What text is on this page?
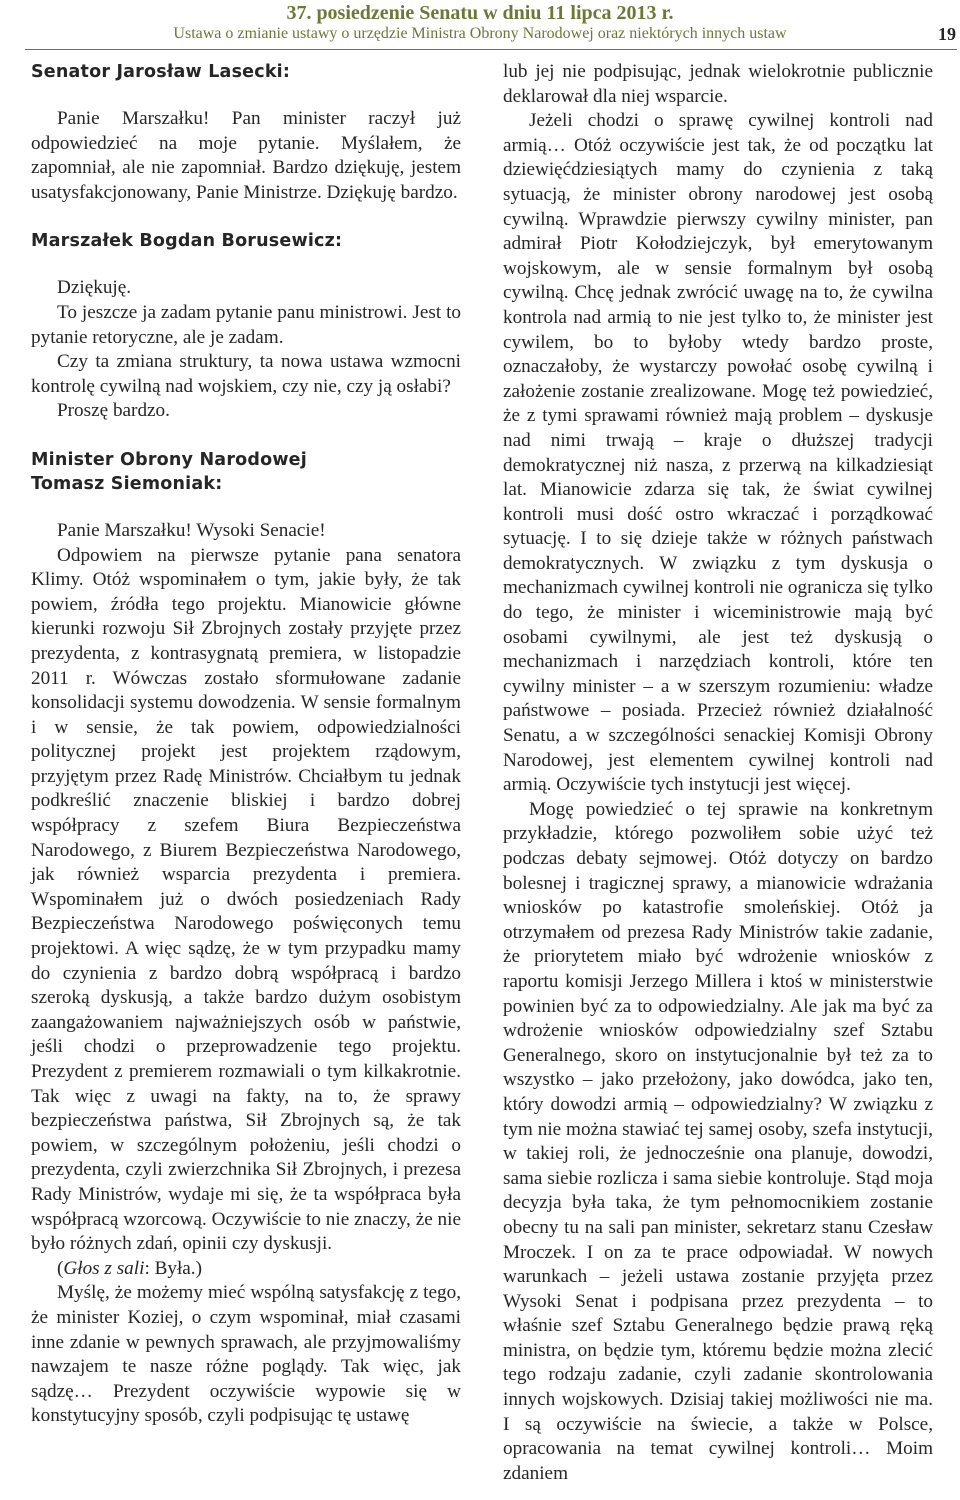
37. posiedzenie Senatu w dniu 11 lipca 2013 r.
Ustawa o zmianie ustawy o urzędzie Ministra Obrony Narodowej oraz niektórych innych ustaw	19
Senator Jarosław Lasecki:

Panie Marszałku! Pan minister raczył już odpowiedzieć na moje pytanie. Myślałem, że zapomniał, ale nie zapomniał. Bardzo dziękuję, jestem usatysfakcjonowany, Panie Ministrze. Dziękuję bardzo.

Marszałek Bogdan Borusewicz:

Dziękuję.

To jeszcze ja zadam pytanie panu ministrowi. Jest to pytanie retoryczne, ale je zadam.

Czy ta zmiana struktury, ta nowa ustawa wzmocni kontrolę cywilną nad wojskiem, czy nie, czy ją osłabi?

Proszę bardzo.

Minister Obrony Narodowej
Tomasz Siemoniak:

Panie Marszałku! Wysoki Senacie!

Odpowiem na pierwsze pytanie pana senatora Klimy. Otóż wspominałem o tym, jakie były, że tak powiem, źródła tego projektu. Mianowicie główne kierunki rozwoju Sił Zbrojnych zostały przyjęte przez prezydenta, z kontrasygnatą premiera, w listopadzie 2011 r. Wówczas zostało sformułowane zadanie konsolidacji systemu dowodzenia. W sensie formalnym i w sensie, że tak powiem, odpowiedzialności politycznej projekt jest projektem rządowym, przyjętym przez Radę Ministrów. Chciałbym tu jednak podkreślić znaczenie bliskiej i bardzo dobrej współpracy z szefem Biura Bezpieczeństwa Narodowego, z Biurem Bezpieczeństwa Narodowego, jak również wsparcia prezydenta i premiera. Wspominałem już o dwóch posiedzeniach Rady Bezpieczeństwa Narodowego poświęconych temu projektowi. A więc sądzę, że w tym przypadku mamy do czynienia z bardzo dobrą współpracą i bardzo szeroką dyskusją, a także bardzo dużym osobistym zaangażowaniem najważniejszych osób w państwie, jeśli chodzi o przeprowadzenie tego projektu. Prezydent z premierem rozmawiali o tym kilkakrotnie. Tak więc z uwagi na fakty, na to, że sprawy bezpieczeństwa państwa, Sił Zbrojnych są, że tak powiem, w szczególnym położeniu, jeśli chodzi o prezydenta, czyli zwierzchnika Sił Zbrojnych, i prezesa Rady Ministrów, wydaje mi się, że ta współpraca była współpracą wzorcową. Oczywiście to nie znaczy, że nie było różnych zdań, opinii czy dyskusji.

(Głos z sali: Była.)

Myślę, że możemy mieć wspólną satysfakcję z tego, że minister Koziej, o czym wspominał, miał czasami inne zdanie w pewnych sprawach, ale przyjmowaliśmy nawzajem te nasze różne poglądy. Tak więc, jak sądzę… Prezydent oczywiście wypowie się w konstytucyjny sposób, czyli podpisując tę ustawę

lub jej nie podpisując, jednak wielokrotnie publicznie deklarował dla niej wsparcie.

Jeżeli chodzi o sprawę cywilnej kontroli nad armią… Otóż oczywiście jest tak, że od początku lat dziewięćdziesiątych mamy do czynienia z taką sytuacją, że minister obrony narodowej jest osobą cywilną. Wprawdzie pierwszy cywilny minister, pan admirał Piotr Kołodziejczyk, był emerytowanym wojskowym, ale w sensie formalnym był osobą cywilną. Chcę jednak zwrócić uwagę na to, że cywilna kontrola nad armią to nie jest tylko to, że minister jest cywilem, bo to byłoby wtedy bardzo proste, oznaczałoby, że wystarczy powołać osobę cywilną i założenie zostanie zrealizowane. Mogę też powiedzieć, że z tymi sprawami również mają problem – dyskusje nad nimi trwają – kraje o dłuższej tradycji demokratycznej niż nasza, z przerwą na kilkadziesiąt lat. Mianowicie zdarza się tak, że świat cywilnej kontroli musi dość ostro wkraczać i porządkować sytuację. I to się dzieje także w różnych państwach demokratycznych. W związku z tym dyskusja o mechanizmach cywilnej kontroli nie ogranicza się tylko do tego, że minister i wiceministrowie mają być osobami cywilnymi, ale jest też dyskusją o mechanizmach i narzędziach kontroli, które ten cywilny minister – a w szerszym rozumieniu: władze państwowe – posiada. Przecież również działalność Senatu, a w szczególności senackiej Komisji Obrony Narodowej, jest elementem cywilnej kontroli nad armią. Oczywiście tych instytucji jest więcej.

Mogę powiedzieć o tej sprawie na konkretnym przykładzie, którego pozwoliłem sobie użyć też podczas debaty sejmowej. Otóż dotyczy on bardzo bolesnej i tragicznej sprawy, a mianowicie wdrażania wniosków po katastrofie smoleńskiej. Otóż ja otrzymałem od prezesa Rady Ministrów takie zadanie, że priorytetem miało być wdrożenie wniosków z raportu komisji Jerzego Millera i ktoś w ministerstwie powinien być za to odpowiedzialny. Ale jak ma być za wdrożenie wniosków odpowiedzialny szef Sztabu Generalnego, skoro on instytucjonalnie był też za to wszystko – jako przełożony, jako dowódca, jako ten, który dowodzi armią – odpowiedzialny? W związku z tym nie można stawiać tej samej osoby, szefa instytucji, w takiej roli, że jednocześnie ona planuje, dowodzi, sama siebie rozlicza i sama siebie kontroluje. Stąd moja decyzja była taka, że tym pełnomocnikiem zostanie obecny tu na sali pan minister, sekretarz stanu Czesław Mroczek. I on za te prace odpowiadał. W nowych warunkach – jeżeli ustawa zostanie przyjęta przez Wysoki Senat i podpisana przez prezydenta – to właśnie szef Sztabu Generalnego będzie prawą ręką ministra, on będzie tym, któremu będzie można zlecić tego rodzaju zadanie, czyli zadanie skontrolowania innych wojskowych. Dzisiaj takiej możliwości nie ma. I są oczywiście na świecie, a także w Polsce, opracowania na temat cywilnej kontroli… Moim zdaniem
